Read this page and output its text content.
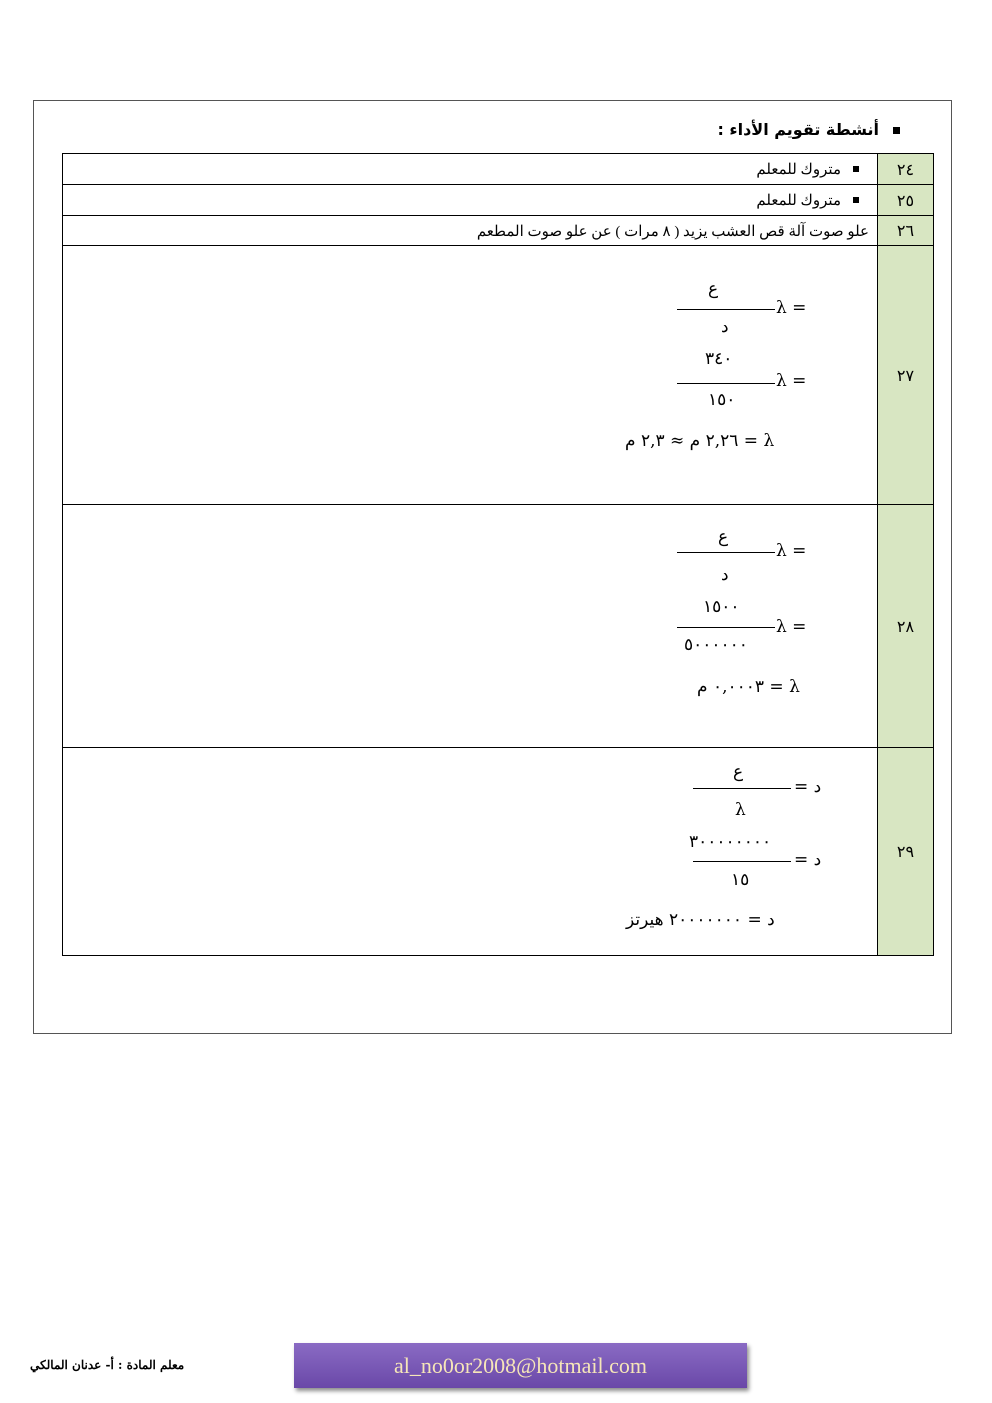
أنشطة تقويم الأداء :
٢٤
متروك للمعلم
٢٥
متروك للمعلم
٢٦
علو صوت آلة قص العشب يزيد ( ٨ مرات ) عن علو صوت المطعم
٢٧
ع
λ =
د
٣٤٠
λ =
١٥٠
λ = ٢,٢٦ م ≈ ٢,٣ م
٢٨
ع
λ =
د
١٥٠٠
λ =
٥٠٠٠٠٠٠
λ = ٠,٠٠٠٣ م
٢٩
ع
د =
λ
٣٠٠٠٠٠٠٠٠
د =
١٥
د = ٢٠٠٠٠٠٠٠ هيرتز
معلم المادة : أ- عدنان المالكي	al_no0or2008@hotmail.com
